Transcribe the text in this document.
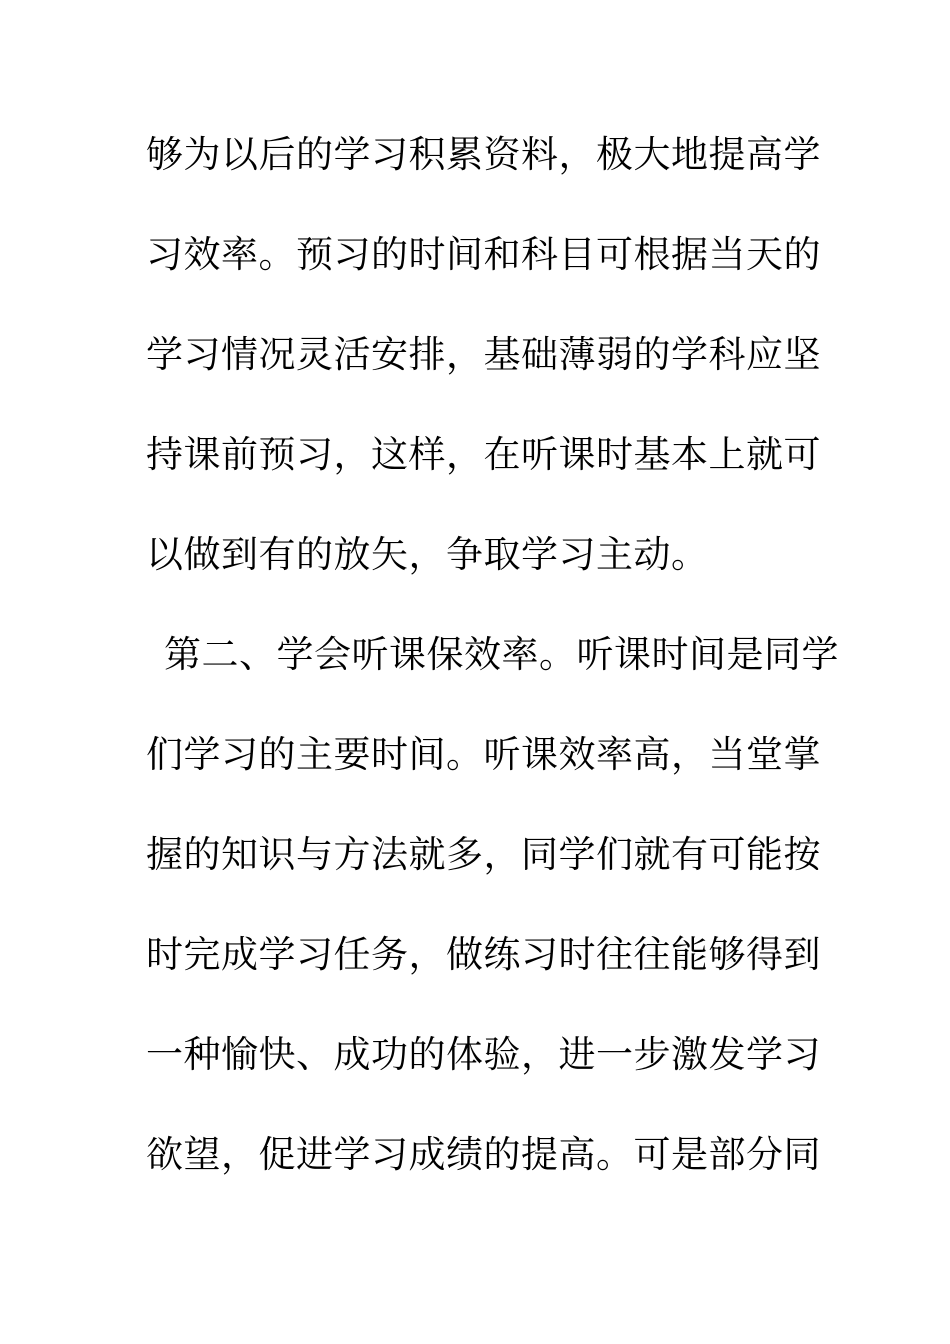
够为以后的学习积累资料，极大地提高学
习效率。预习的时间和科目可根据当天的
学习情况灵活安排，基础薄弱的学科应坚
持课前预习，这样，在听课时基本上就可
以做到有的放矢，争取学习主动。
第二、学会听课保效率。听课时间是同学
们学习的主要时间。听课效率高，当堂掌
握的知识与方法就多，同学们就有可能按
时完成学习任务，做练习时往往能够得到
一种愉快、成功的体验，进一步激发学习
欲望，促进学习成绩的提高。可是部分同
